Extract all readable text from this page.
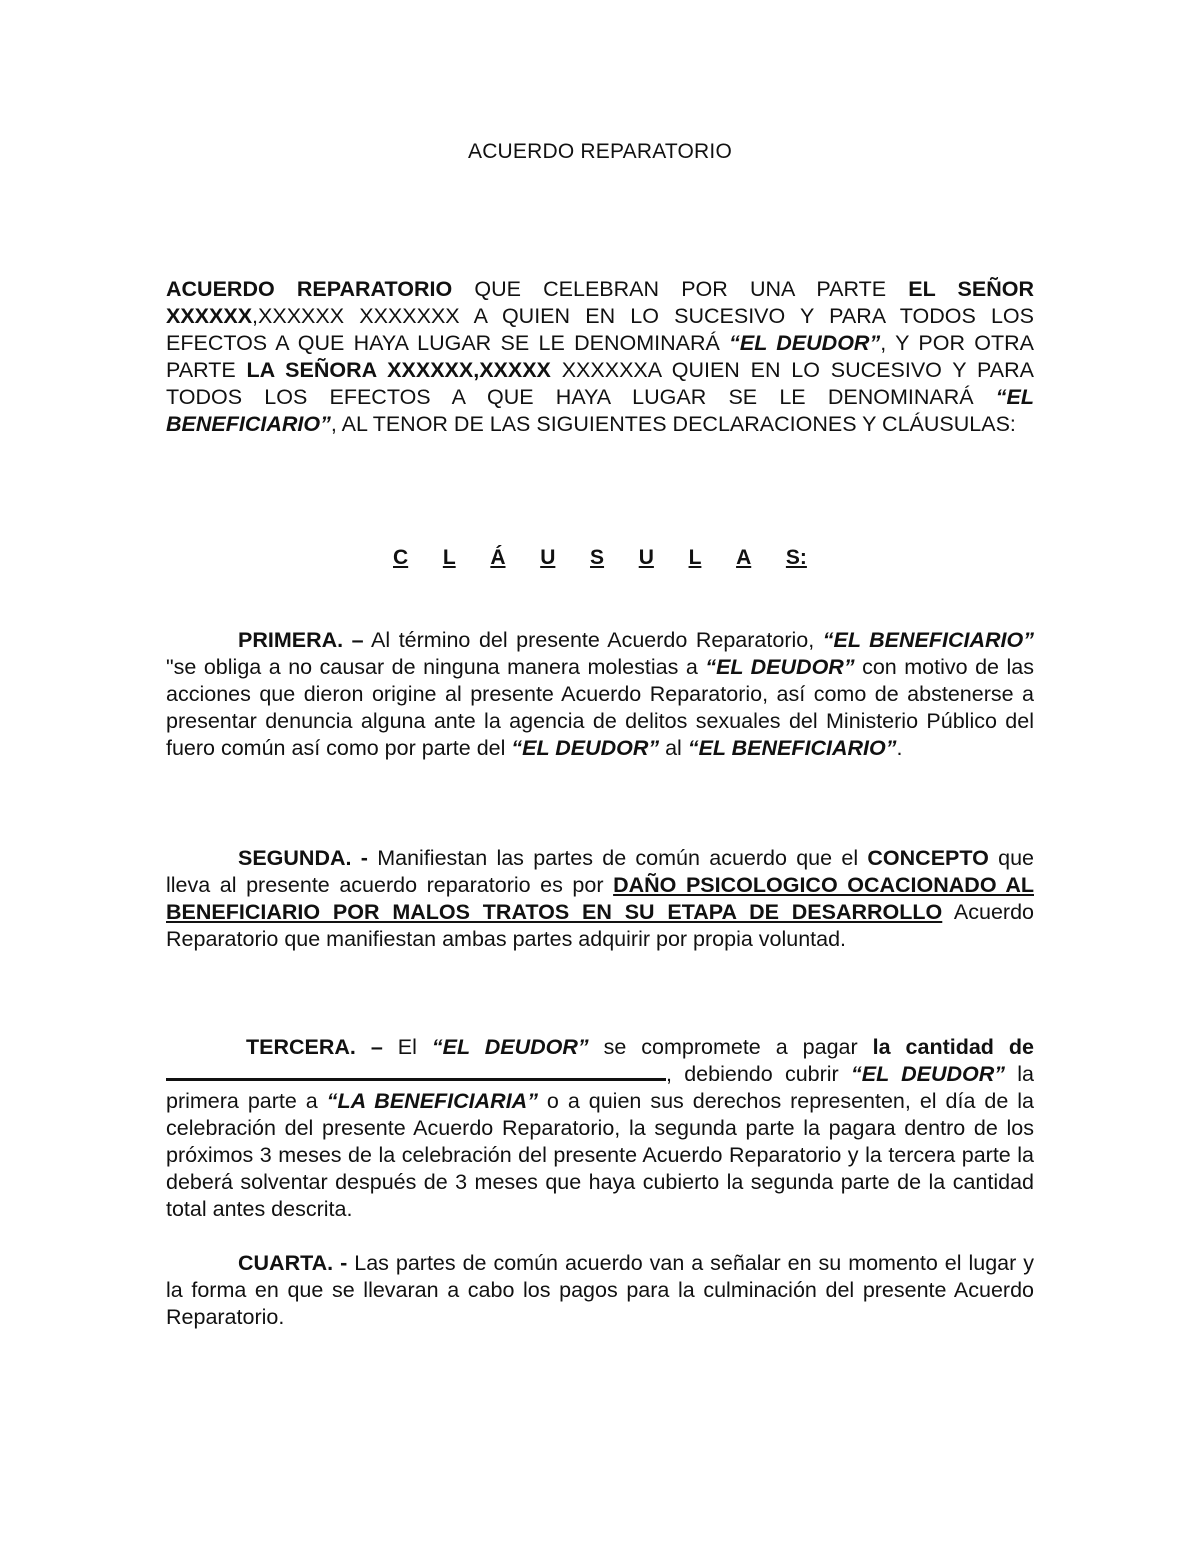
ACUERDO REPARATORIO

ACUERDO REPARATORIO QUE CELEBRAN POR UNA PARTE EL SEÑOR XXXXXX,XXXXXX XXXXXXX A QUIEN EN LO SUCESIVO Y PARA TODOS LOS EFECTOS A QUE HAYA LUGAR SE LE DENOMINARÁ “EL DEUDOR”, Y POR OTRA PARTE LA SEÑORA XXXXXX,XXXXX XXXXXXA QUIEN EN LO SUCESIVO Y PARA TODOS LOS EFECTOS A QUE HAYA LUGAR SE LE DENOMINARÁ “EL BENEFICIARIO”, AL TENOR DE LAS SIGUIENTES DECLARACIONES Y CLÁUSULAS:

C L Á U S U L A S:

PRIMERA. – Al término del presente Acuerdo Reparatorio, “EL BENEFICIARIO” "se obliga a no causar de ninguna manera molestias a “EL DEUDOR” con motivo de las acciones que dieron origine al presente Acuerdo Reparatorio, así como de abstenerse a presentar denuncia alguna ante la agencia de delitos sexuales del Ministerio Público del fuero común así como por parte del “EL DEUDOR” al “EL BENEFICIARIO”.

SEGUNDA. - Manifiestan las partes de común acuerdo que el CONCEPTO que lleva al presente acuerdo reparatorio es por DAÑO PSICOLOGICO OCACIONADO AL BENEFICIARIO POR MALOS TRATOS EN SU ETAPA DE DESARROLLO Acuerdo Reparatorio que manifiestan ambas partes adquirir por propia voluntad.

TERCERA. – El “EL DEUDOR” se compromete a pagar la cantidad de , debiendo cubrir “EL DEUDOR” la primera parte a “LA BENEFICIARIA” o a quien sus derechos representen, el día de la celebración del presente Acuerdo Reparatorio, la segunda parte la pagara dentro de los próximos 3 meses de la celebración del presente Acuerdo Reparatorio y la tercera parte la deberá solventar después de 3 meses que haya cubierto la segunda parte de la cantidad total antes descrita.

CUARTA. - Las partes de común acuerdo van a señalar en su momento el lugar y la forma en que se llevaran a cabo los pagos para la culminación del presente Acuerdo Reparatorio.
